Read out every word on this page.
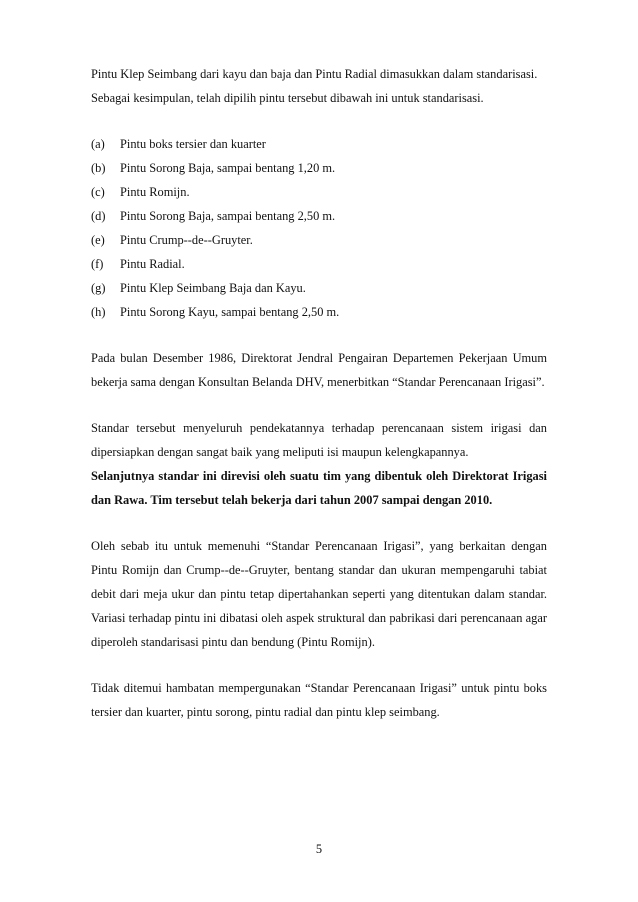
Pintu Klep Seimbang dari kayu dan baja dan Pintu Radial dimasukkan dalam standarisasi.

Sebagai kesimpulan, telah dipilih pintu tersebut dibawah ini untuk standarisasi.

(a)	Pintu boks tersier dan kuarter
(b)	Pintu Sorong Baja, sampai bentang 1,20 m.
(c)	Pintu Romijn.
(d)	Pintu Sorong Baja, sampai bentang 2,50 m.
(e)	Pintu Crump--de--Gruyter.
(f)	Pintu Radial.
(g)	Pintu Klep Seimbang Baja dan Kayu.
(h)	Pintu Sorong Kayu, sampai bentang 2,50 m.

Pada bulan Desember 1986, Direktorat Jendral Pengairan Departemen Pekerjaan Umum bekerja sama dengan Konsultan Belanda DHV, menerbitkan “Standar Perencanaan Irigasi”.

Standar tersebut menyeluruh pendekatannya terhadap perencanaan sistem irigasi dan dipersiapkan dengan sangat baik yang meliputi isi maupun kelengkapannya.

Selanjutnya standar ini direvisi oleh suatu tim yang dibentuk oleh Direktorat Irigasi dan Rawa. Tim tersebut telah bekerja dari tahun 2007 sampai dengan 2010.

Oleh sebab itu untuk memenuhi “Standar Perencanaan Irigasi”, yang berkaitan dengan Pintu Romijn dan Crump--de--Gruyter, bentang standar dan ukuran mempengaruhi tabiat debit dari meja ukur dan pintu tetap dipertahankan seperti yang ditentukan dalam standar. Variasi terhadap pintu ini dibatasi oleh aspek struktural dan pabrikasi dari perencanaan agar diperoleh standarisasi pintu dan bendung (Pintu Romijn).

Tidak ditemui hambatan mempergunakan “Standar Perencanaan Irigasi” untuk pintu boks tersier dan kuarter, pintu sorong, pintu radial dan pintu klep seimbang.

5
